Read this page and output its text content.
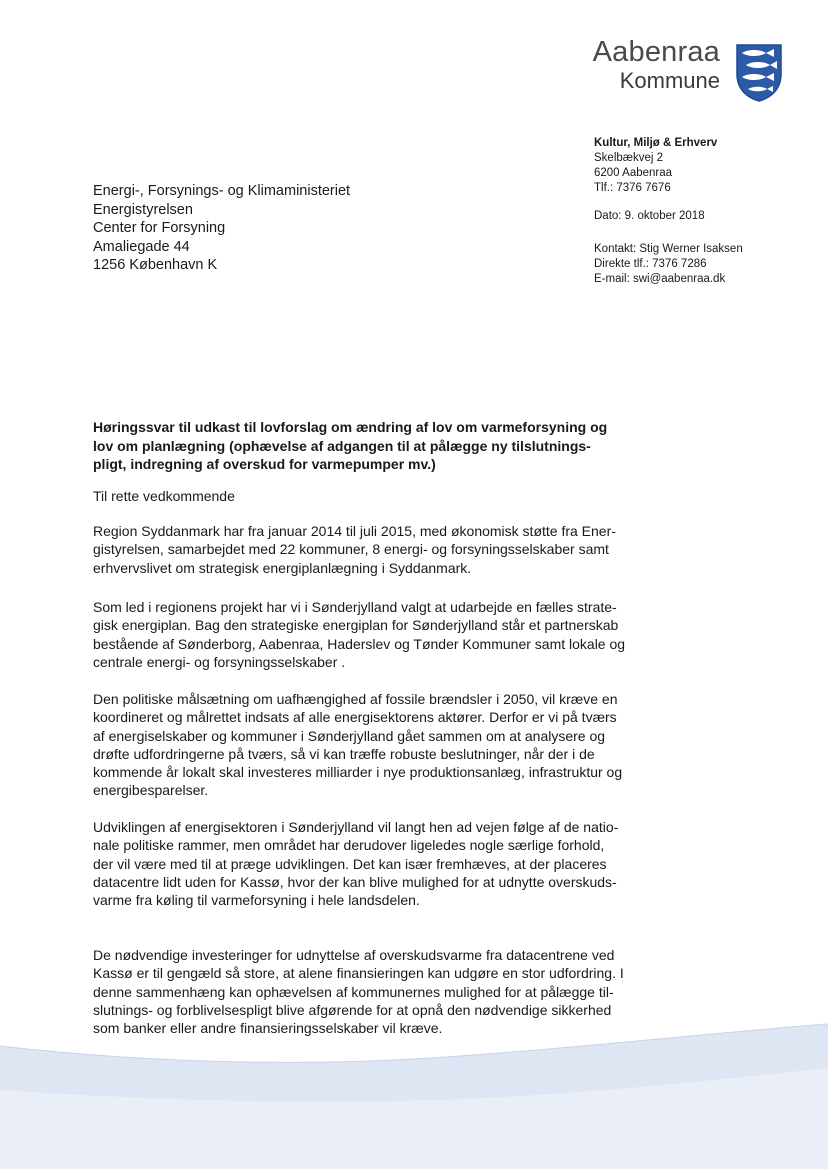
Aabenraa
Kommune
Kultur, Miljø & Erhverv
Skelbækvej 2
6200 Aabenraa
Tlf.: 7376 7676
Dato: 9. oktober 2018
Kontakt: Stig Werner Isaksen
Direkte tlf.: 7376 7286
E-mail: swi@aabenraa.dk
Energi-, Forsynings- og Klimaministeriet
Energistyrelsen
Center for Forsyning
Amaliegade 44
1256 København K
Høringssvar til udkast til lovforslag om ændring af lov om varmeforsyning og
lov om planlægning (ophævelse af adgangen til at pålægge ny tilslutnings-
pligt, indregning af overskud for varmepumper mv.)
Til rette vedkommende
Region Syddanmark har fra januar 2014 til juli 2015, med økonomisk støtte fra Ener-
gistyrelsen, samarbejdet med 22 kommuner, 8 energi- og forsyningsselskaber samt
erhvervslivet om strategisk energiplanlægning i Syddanmark.
Som led i regionens projekt har vi i Sønderjylland valgt at udarbejde en fælles strate-
gisk energiplan. Bag den strategiske energiplan for Sønderjylland står et partnerskab
bestående af Sønderborg, Aabenraa, Haderslev og Tønder Kommuner samt lokale og
centrale energi- og forsyningsselskaber .
Den politiske målsætning om uafhængighed af fossile brændsler i 2050, vil kræve en
koordineret og målrettet indsats af alle energisektorens aktører. Derfor er vi på tværs
af energiselskaber og kommuner i Sønderjylland gået sammen om at analysere og
drøfte udfordringerne på tværs, så vi kan træffe robuste beslutninger, når der i de
kommende år lokalt skal investeres milliarder i nye produktionsanlæg, infrastruktur og
energibesparelser.
Udviklingen af energisektoren i Sønderjylland vil langt hen ad vejen følge af de natio-
nale politiske rammer, men området har derudover ligeledes nogle særlige forhold,
der vil være med til at præge udviklingen. Det kan især fremhæves, at der placeres
datacentre lidt uden for Kassø, hvor der kan blive mulighed for at udnytte overskuds-
varme fra køling til varmeforsyning i hele landsdelen.
De nødvendige investeringer for udnyttelse af overskudsvarme fra datacentrene ved
Kassø er til gengæld så store, at alene finansieringen kan udgøre en stor udfordring. I
denne sammenhæng kan ophævelsen af kommunernes mulighed for at pålægge til-
slutnings- og forblivelsespligt blive afgørende for at opnå den nødvendige sikkerhed
som banker eller andre finansieringsselskaber vil kræve.
